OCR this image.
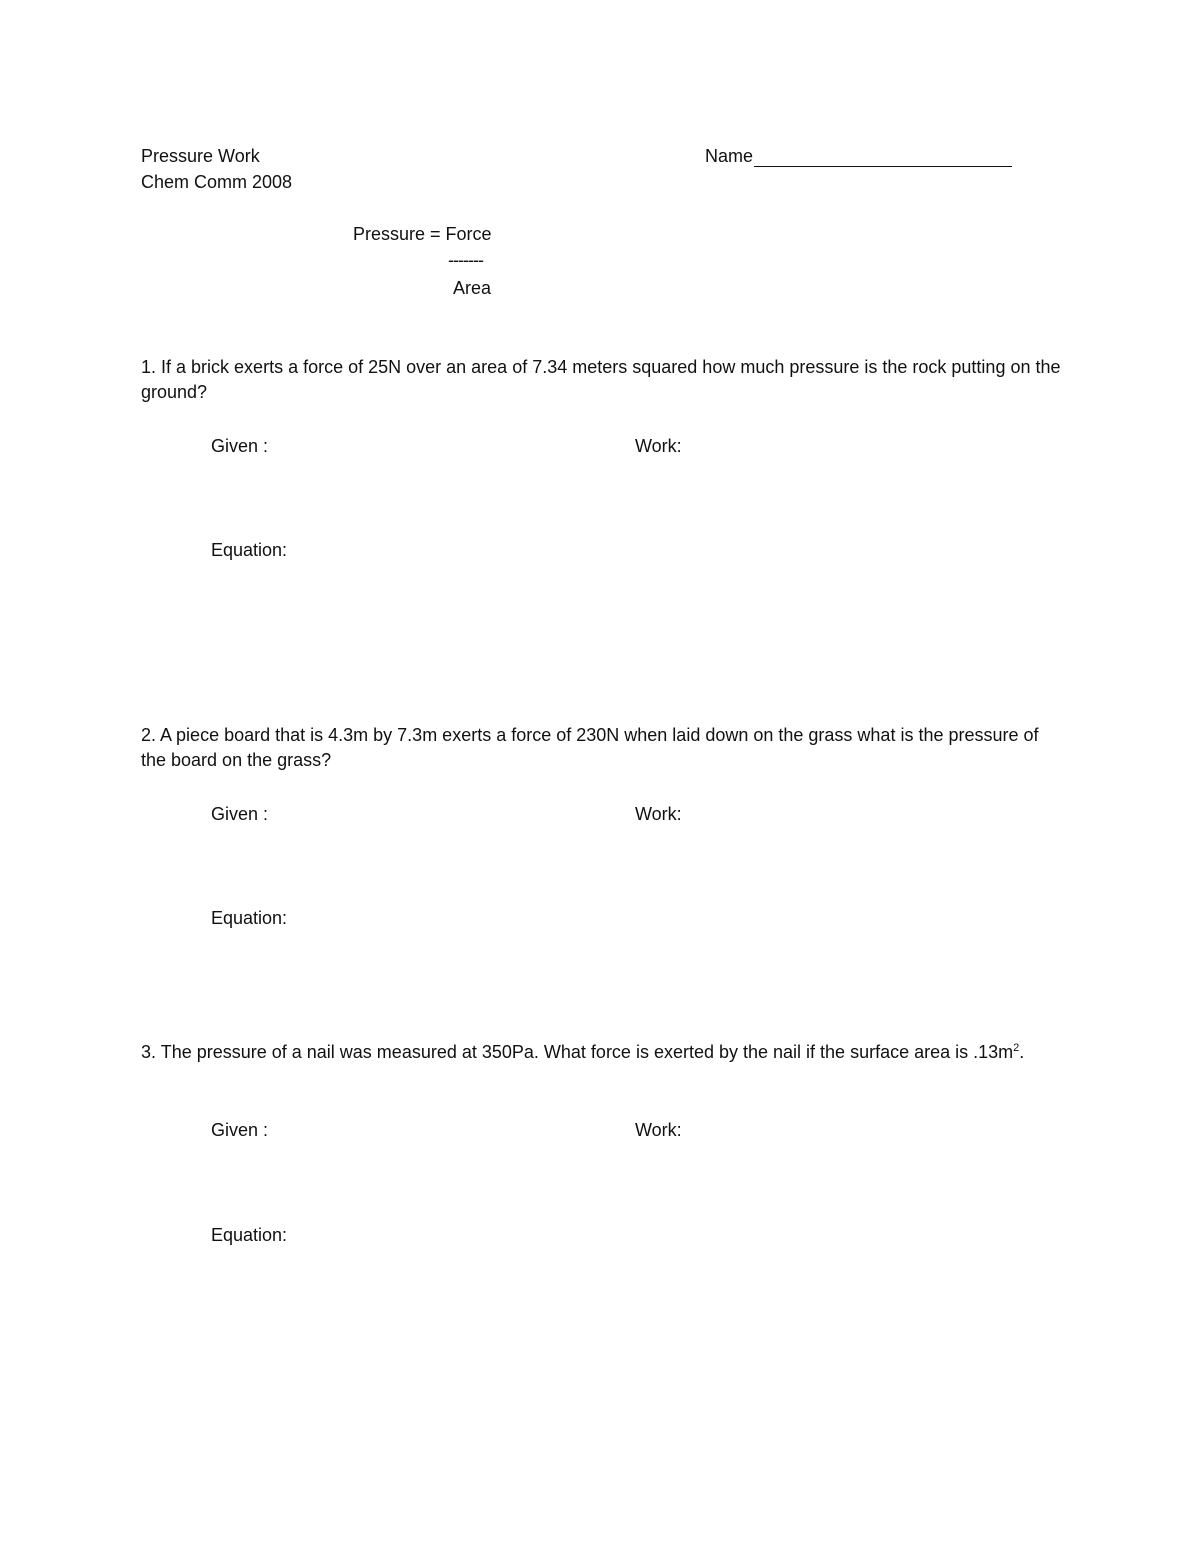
Pressure Work
Chem Comm 2008
Name
Pressure = Force
-------
Area
1. If a brick exerts a force of 25N over an area of 7.34 meters squared how much pressure is the rock putting on the ground?
Given :	Work:
Equation:
2. A piece board that is 4.3m by 7.3m exerts a force of 230N when laid down on the grass what is the pressure of the board on the grass?
Given :	Work:
Equation:
3. The pressure of a nail was measured at 350Pa. What force is exerted by the nail if the surface area is $.13m^2$.
Given :	Work:
Equation:
